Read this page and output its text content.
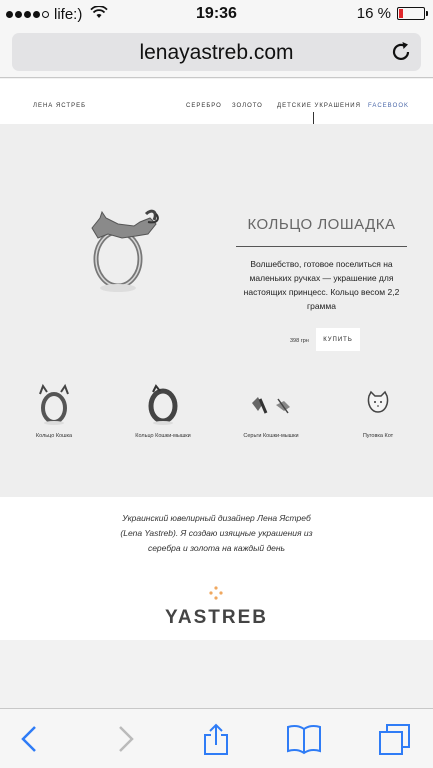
life:)	19:36	16 %
lenayastreb.com
ЛЕНА ЯСТРЕБ	СЕРЕБРО ЗОЛОТО ДЕТСКИЕ УКРАШЕНИЯ FACEBOOK
КОЛЬЦО ЛОШАДКА
Волшебство, готовое поселиться на маленьких ручках — украшение для настоящих принцесс. Кольцо весом 2,2 грамма
398 грн	КУПИТЬ
Кольцо Кошка	Кольцо Кошки-мышки	Серьги Кошки-мышки	Пуговка Кот
Украинский ювелирный дизайнер Лена Ястреб (Lena Yastreb). Я создаю изящные украшения из серебра и золота на каждый день
YASTREB
